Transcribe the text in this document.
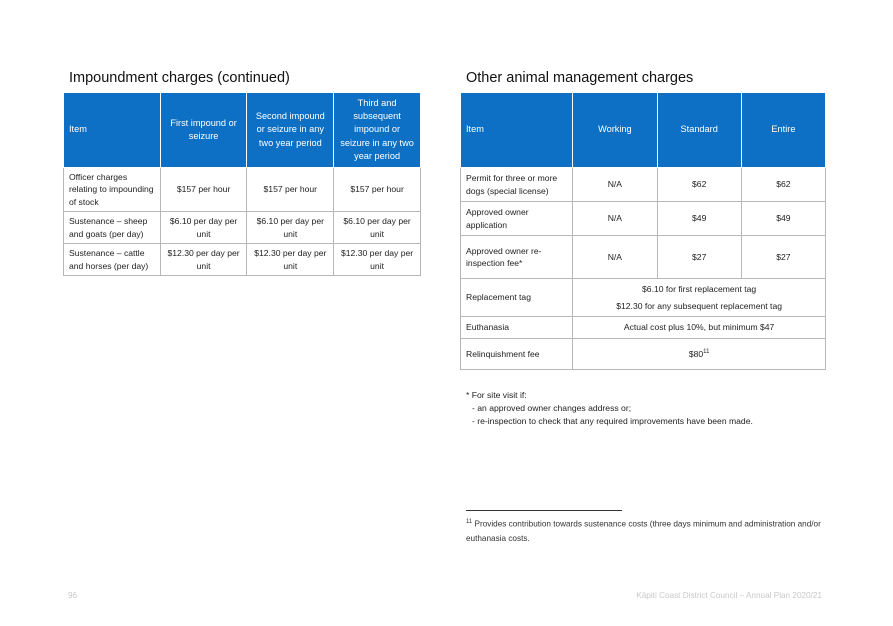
Impoundment charges (continued)	Other animal management charges
Item	First impound or seizure	Second impound or seizure in any two year period	Third and subsequent impound or seizure in any two year period
Officer charges relating to impounding of stock	$157 per hour	$157 per hour	$157 per hour
Sustenance – sheep and goats (per day)	$6.10 per day per unit	$6.10 per day per unit	$6.10 per day per unit
Sustenance – cattle and horses (per day)	$12.30 per day per unit	$12.30 per day per unit	$12.30 per day per unit
Item	Working	Standard	Entire
Permit for three or more dogs (special license)	N/A	$62	$62
Approved owner application	N/A	$49	$49
Approved owner re-inspection fee*	N/A	$27	$27
Replacement tag	$6.10 for first replacement tag
$12.30 for any subsequent replacement tag		

Euthanasia	Actual cost plus 10%, but minimum $47		
Relinquishment fee	$\$80^{11}$
* For site visit if:
- an approved owner changes address or;
- re-inspection to check that any required improvements have been made.
$^{11}$ Provides contribution towards sustenance costs (three days minimum and administration and/or euthanasia costs.
96	Kāpiti Coast District Council – Annual Plan 2020/21
